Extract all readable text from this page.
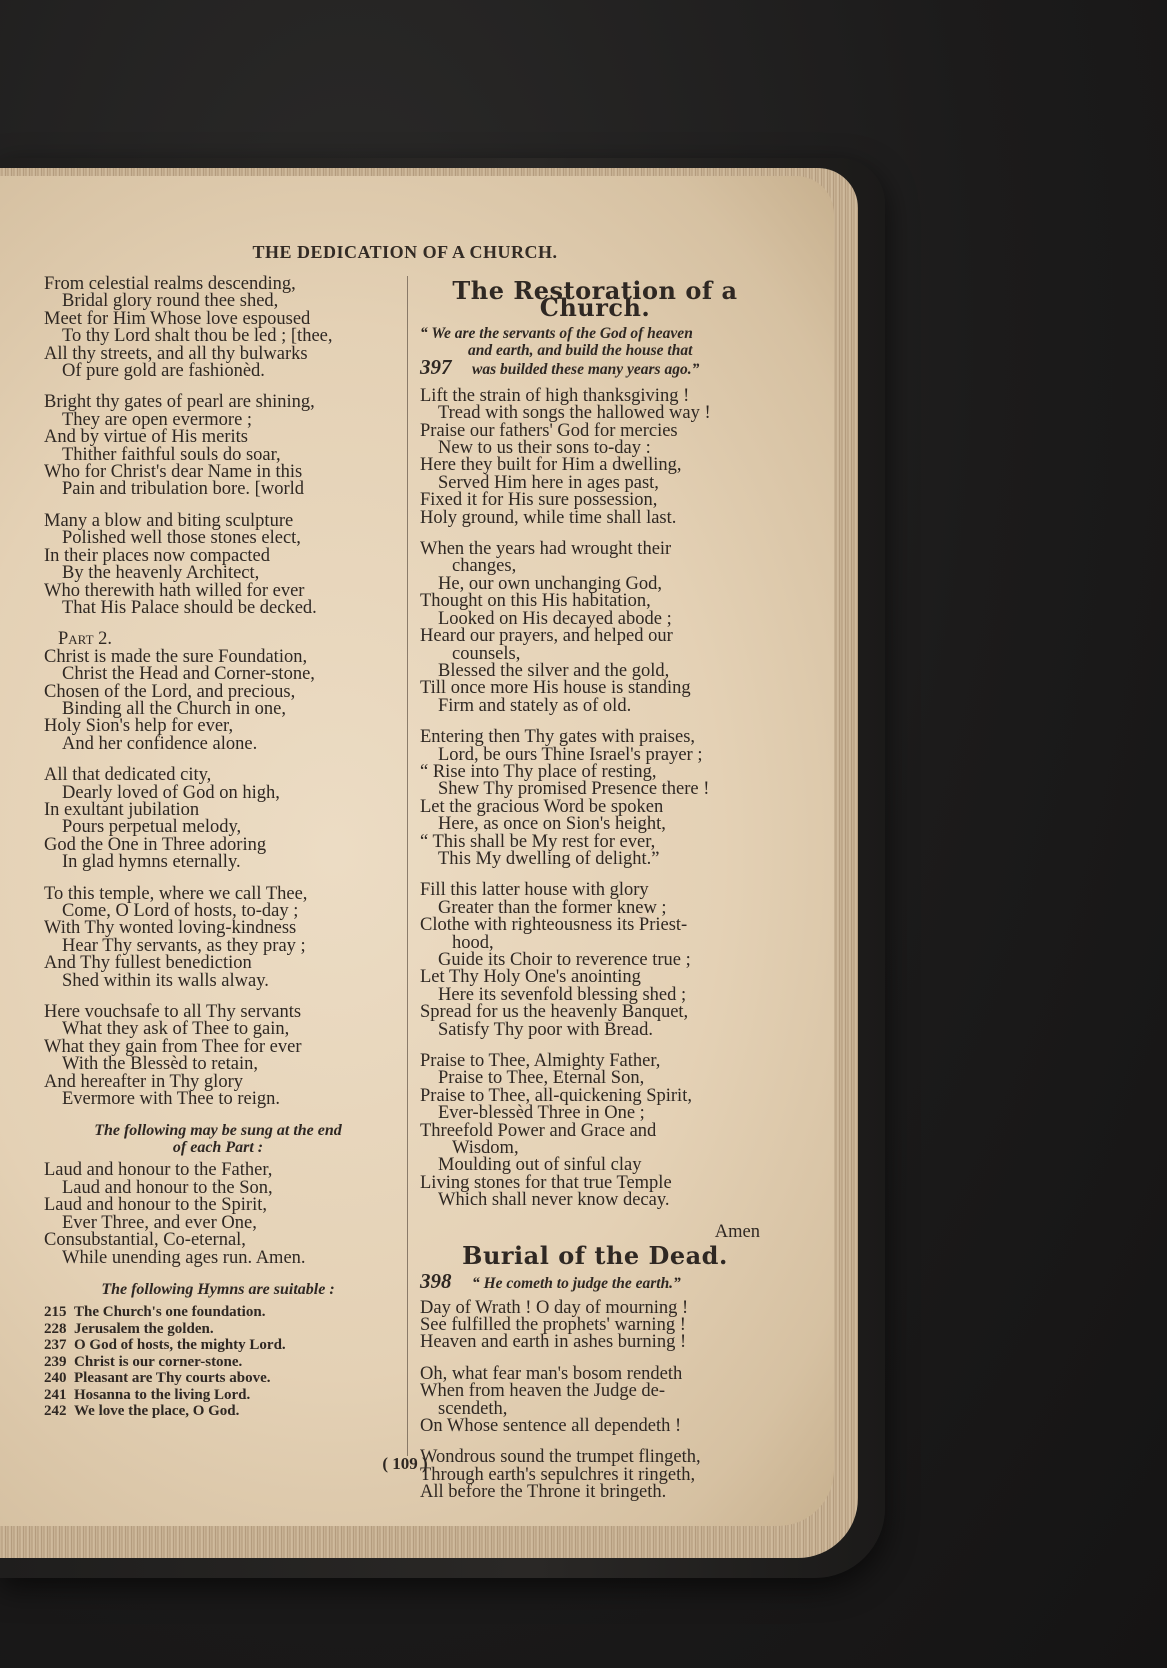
THE DEDICATION OF A CHURCH.
From celestial realms descending,
Bridal glory round thee shed,
Meet for Him Whose love espoused
To thy Lord shalt thou be led ; [thee,
All thy streets, and all thy bulwarks
Of pure gold are fashionèd.
Bright thy gates of pearl are shining,
They are open evermore ;
And by virtue of His merits
Thither faithful souls do soar,
Who for Christ's dear Name in this
Pain and tribulation bore. [world
Many a blow and biting sculpture
Polished well those stones elect,
In their places now compacted
By the heavenly Architect,
Who therewith hath willed for ever
That His Palace should be decked.
Part 2.
Christ is made the sure Foundation,
Christ the Head and Corner-stone,
Chosen of the Lord, and precious,
Binding all the Church in one,
Holy Sion's help for ever,
And her confidence alone.
All that dedicated city,
Dearly loved of God on high,
In exultant jubilation
Pours perpetual melody,
God the One in Three adoring
In glad hymns eternally.
To this temple, where we call Thee,
Come, O Lord of hosts, to-day ;
With Thy wonted loving-kindness
Hear Thy servants, as they pray ;
And Thy fullest benediction
Shed within its walls alway.
Here vouchsafe to all Thy servants
What they ask of Thee to gain,
What they gain from Thee for ever
With the Blessèd to retain,
And hereafter in Thy glory
Evermore with Thee to reign.
The following may be sung at the end
of each Part :
Laud and honour to the Father,
Laud and honour to the Son,
Laud and honour to the Spirit,
Ever Three, and ever One,
Consubstantial, Co-eternal,
While unending ages run. Amen.
The following Hymns are suitable :
215 The Church's one foundation.
228 Jerusalem the golden.
237 O God of hosts, the mighty Lord.
239 Christ is our corner-stone.
240 Pleasant are Thy courts above.
241 Hosanna to the living Lord.
242 We love the place, O God.
The Restoration of a Church.
“ We are the servants of the God of heaven
and earth, and build the house that
397 was builded these many years ago.”
Lift the strain of high thanksgiving !
Tread with songs the hallowed way !
Praise our fathers' God for mercies
New to us their sons to-day :
Here they built for Him a dwelling,
Served Him here in ages past,
Fixed it for His sure possession,
Holy ground, while time shall last.
When the years had wrought their
changes,
He, our own unchanging God,
Thought on this His habitation,
Looked on His decayed abode ;
Heard our prayers, and helped our
counsels,
Blessed the silver and the gold,
Till once more His house is standing
Firm and stately as of old.
Entering then Thy gates with praises,
Lord, be ours Thine Israel's prayer ;
“ Rise into Thy place of resting,
Shew Thy promised Presence there !
Let the gracious Word be spoken
Here, as once on Sion's height,
“ This shall be My rest for ever,
This My dwelling of delight.”
Fill this latter house with glory
Greater than the former knew ;
Clothe with righteousness its Priest-
hood,
Guide its Choir to reverence true ;
Let Thy Holy One's anointing
Here its sevenfold blessing shed ;
Spread for us the heavenly Banquet,
Satisfy Thy poor with Bread.
Praise to Thee, Almighty Father,
Praise to Thee, Eternal Son,
Praise to Thee, all-quickening Spirit,
Ever-blessèd Three in One ;
Threefold Power and Grace and
Wisdom,
Moulding out of sinful clay
Living stones for that true Temple
Which shall never know decay.
Amen
Burial of the Dead.
398 “ He cometh to judge the earth.”
Day of Wrath ! O day of mourning !
See fulfilled the prophets' warning !
Heaven and earth in ashes burning !
Oh, what fear man's bosom rendeth
When from heaven the Judge de-
scendeth,
On Whose sentence all dependeth !
Wondrous sound the trumpet flingeth,
Through earth's sepulchres it ringeth,
All before the Throne it bringeth.
( 109 )
